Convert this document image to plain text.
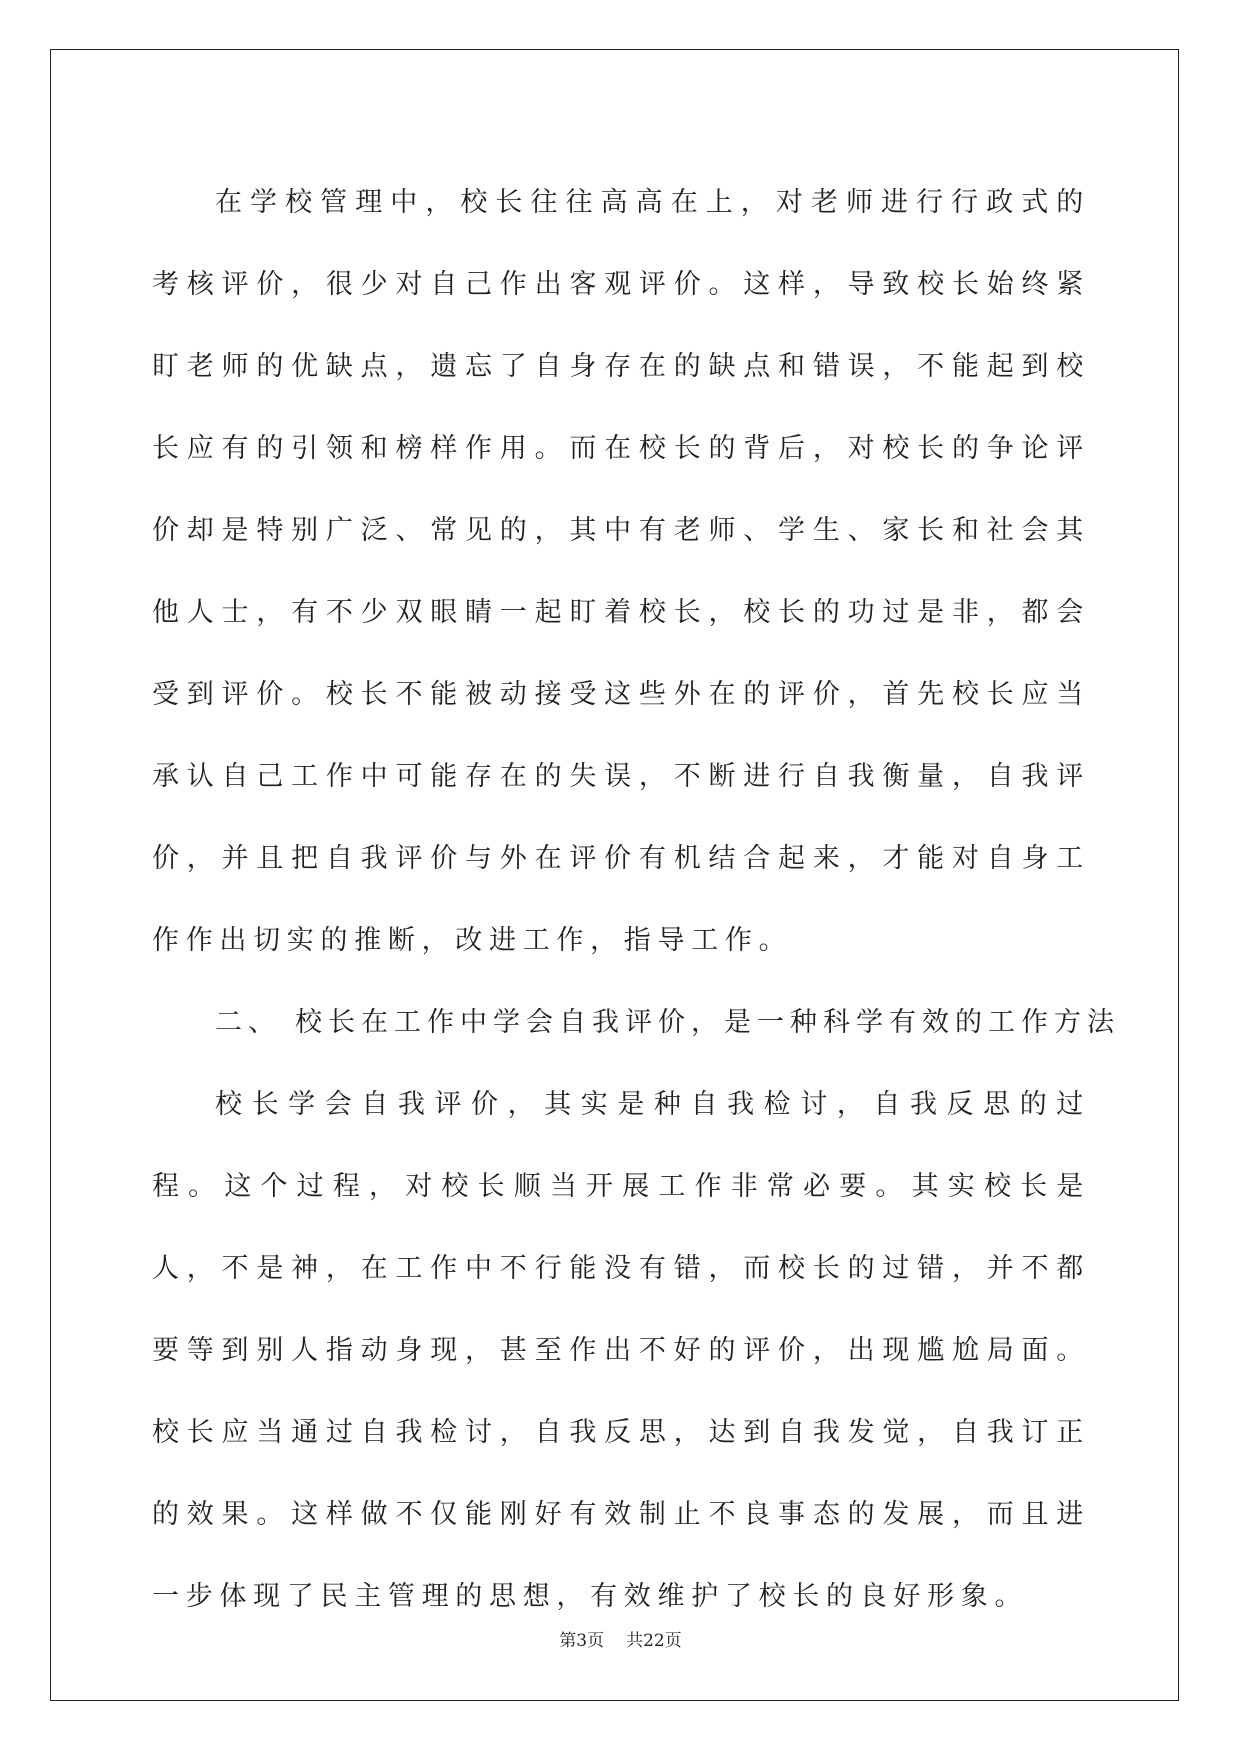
在学校管理中，校长往往高高在上，对老师进行行政式的考核评价，很少对自己作出客观评价。这样，导致校长始终紧盯老师的优缺点，遗忘了自身存在的缺点和错误，不能起到校长应有的引领和榜样作用。而在校长的背后，对校长的争论评价却是特别广泛、常见的，其中有老师、学生、家长和社会其他人士，有不少双眼睛一起盯着校长，校长的功过是非，都会受到评价。校长不能被动接受这些外在的评价，首先校长应当承认自己工作中可能存在的失误，不断进行自我衡量，自我评价，并且把自我评价与外在评价有机结合起来，才能对自身工作作出切实的推断，改进工作，指导工作。

二、 校长在工作中学会自我评价，是一种科学有效的工作方法

校长学会自我评价，其实是种自我检讨，自我反思的过程。这个过程，对校长顺当开展工作非常必要。其实校长是人，不是神，在工作中不行能没有错，而校长的过错，并不都要等到别人指动身现，甚至作出不好的评价，出现尴尬局面。校长应当通过自我检讨，自我反思，达到自我发觉，自我订正的效果。这样做不仅能刚好有效制止不良事态的发展，而且进一步体现了民主管理的思想，有效维护了校长的良好形象。

第3页 共22页
